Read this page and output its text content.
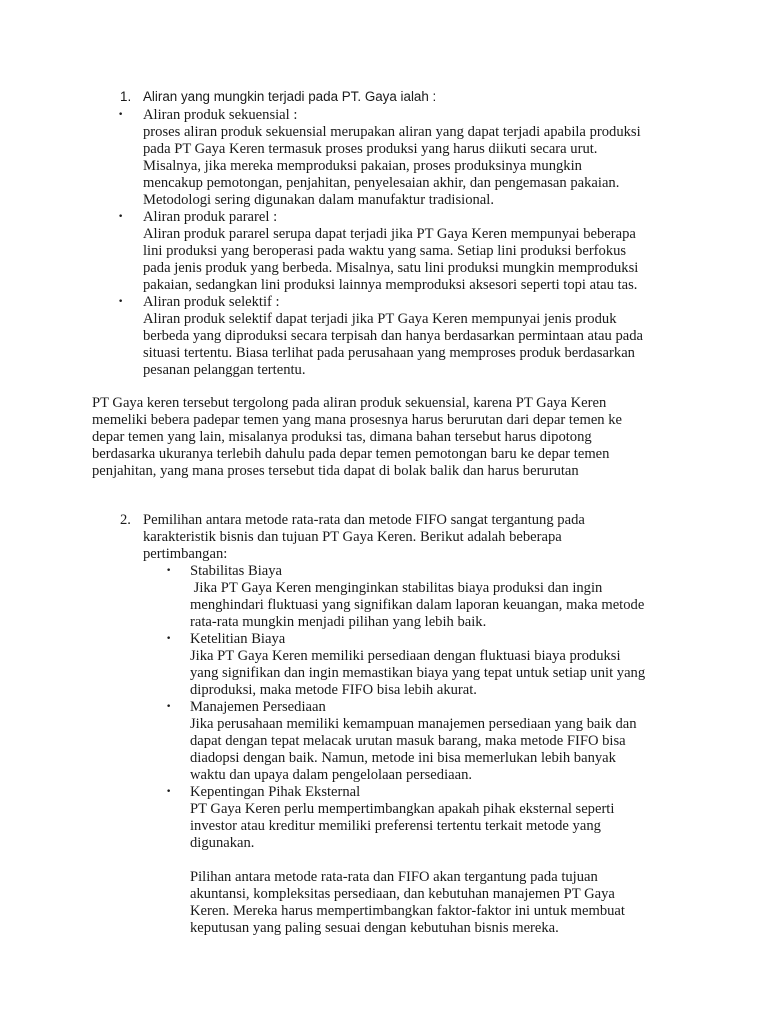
1. Aliran yang mungkin terjadi pada PT. Gaya ialah :
• Aliran produk sekuensial :
proses aliran produk sekuensial merupakan aliran yang dapat terjadi apabila produksi
pada PT Gaya Keren termasuk proses produksi yang harus diikuti secara urut.
Misalnya, jika mereka memproduksi pakaian, proses produksinya mungkin
mencakup pemotongan, penjahitan, penyelesaian akhir, dan pengemasan pakaian.
Metodologi sering digunakan dalam manufaktur tradisional.
• Aliran produk pararel :
Aliran produk pararel serupa dapat terjadi jika PT Gaya Keren mempunyai beberapa
lini produksi yang beroperasi pada waktu yang sama. Setiap lini produksi berfokus
pada jenis produk yang berbeda. Misalnya, satu lini produksi mungkin memproduksi
pakaian, sedangkan lini produksi lainnya memproduksi aksesori seperti topi atau tas.
• Aliran produk selektif :
Aliran produk selektif dapat terjadi jika PT Gaya Keren mempunyai jenis produk
berbeda yang diproduksi secara terpisah dan hanya berdasarkan permintaan atau pada
situasi tertentu. Biasa terlihat pada perusahaan yang memproses produk berdasarkan
pesanan pelanggan tertentu.
PT Gaya keren tersebut tergolong pada aliran produk sekuensial, karena PT Gaya Keren
memeliki bebera padepar temen yang mana prosesnya harus berurutan dari depar temen ke
depar temen yang lain, misalanya produksi tas, dimana bahan tersebut harus dipotong
berdasarka ukuranya terlebih dahulu pada depar temen pemotongan baru ke depar temen
penjahitan, yang mana proses tersebut tida dapat di bolak balik dan harus berurutan
2. Pemilihan antara metode rata-rata dan metode FIFO sangat tergantung pada
karakteristik bisnis dan tujuan PT Gaya Keren. Berikut adalah beberapa
pertimbangan:
• Stabilitas Biaya
Jika PT Gaya Keren menginginkan stabilitas biaya produksi dan ingin
menghindari fluktuasi yang signifikan dalam laporan keuangan, maka metode
rata-rata mungkin menjadi pilihan yang lebih baik.
• Ketelitian Biaya
Jika PT Gaya Keren memiliki persediaan dengan fluktuasi biaya produksi
yang signifikan dan ingin memastikan biaya yang tepat untuk setiap unit yang
diproduksi, maka metode FIFO bisa lebih akurat.
• Manajemen Persediaan
Jika perusahaan memiliki kemampuan manajemen persediaan yang baik dan
dapat dengan tepat melacak urutan masuk barang, maka metode FIFO bisa
diadopsi dengan baik. Namun, metode ini bisa memerlukan lebih banyak
waktu dan upaya dalam pengelolaan persediaan.
• Kepentingan Pihak Eksternal
PT Gaya Keren perlu mempertimbangkan apakah pihak eksternal seperti
investor atau kreditur memiliki preferensi tertentu terkait metode yang
digunakan.
Pilihan antara metode rata-rata dan FIFO akan tergantung pada tujuan
akuntansi, kompleksitas persediaan, dan kebutuhan manajemen PT Gaya
Keren. Mereka harus mempertimbangkan faktor-faktor ini untuk membuat
keputusan yang paling sesuai dengan kebutuhan bisnis mereka.
